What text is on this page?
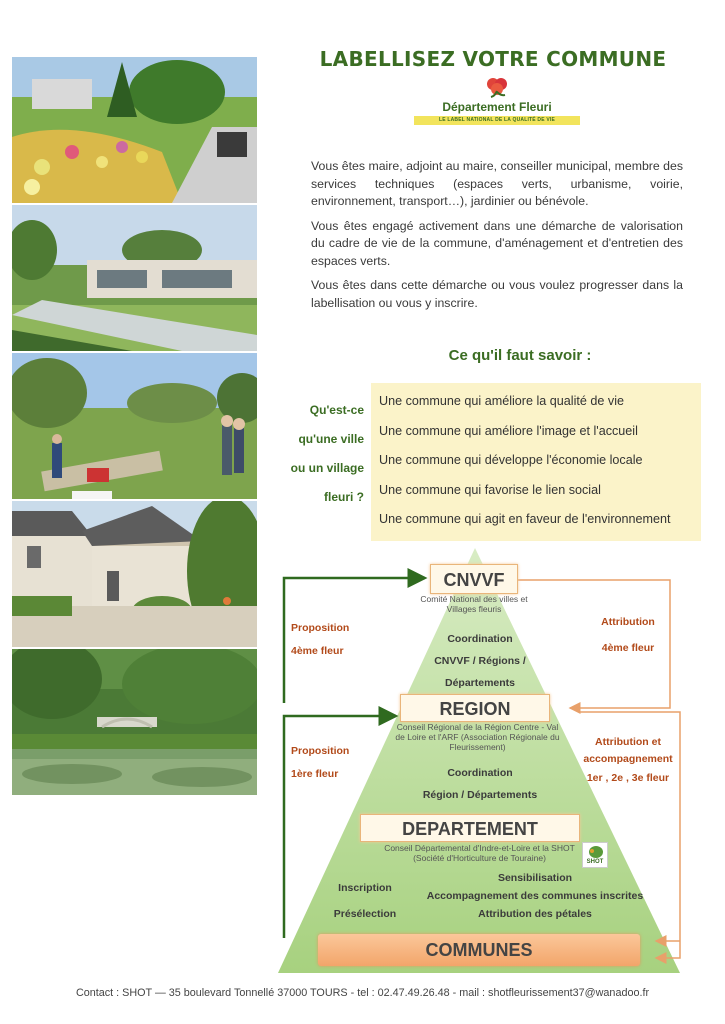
LABELLISEZ VOTRE COMMUNE
Département Fleuri
LE LABEL NATIONAL DE LA QUALITÉ DE VIE

Vous êtes maire, adjoint au maire, conseiller municipal, membre des services techniques (espaces verts, urbanisme, voirie, environnement, transport…), jardinier ou bénévole.

Vous êtes engagé activement dans une démarche de valorisation du cadre de vie de la commune, d'aménagement et d'entretien des espaces verts.

Vous êtes dans cette démarche ou vous voulez progresser dans la labellisation ou vous y inscrire.

Ce qu'il faut savoir :
Qu'est-ce
qu'une ville
ou un village
fleuri ?
Une commune qui améliore la qualité de vie
Une commune qui améliore l'image et l'accueil
Une commune qui développe l'économie locale
Une commune qui favorise le lien social
Une commune qui agit en faveur de l'environnement
CNVVF
Comité National des villes et Villages fleuris
Coordination
CNVVF / Régions /
Départements
REGION
Conseil Régional de la Région Centre - Val de Loire et l'ARF (Association Régionale du Fleurissement)
Coordination
Région / Départements
DEPARTEMENT
Conseil Départemental d'Indre-et-Loire et la SHOT (Société d'Horticulture de Touraine)	SHOT
Sensibilisation
Accompagnement des communes inscrites
Attribution des pétales
Inscription
Présélection
COMMUNES
Proposition
4ème fleur
Proposition
1ère fleur
Attribution
4ème fleur
Attribution et accompagnement
1er , 2e , 3e fleur
Contact : SHOT — 35 boulevard Tonnellé 37000 TOURS - tel : 02.47.49.26.48 - mail : shotfleurissement37@wanadoo.fr
